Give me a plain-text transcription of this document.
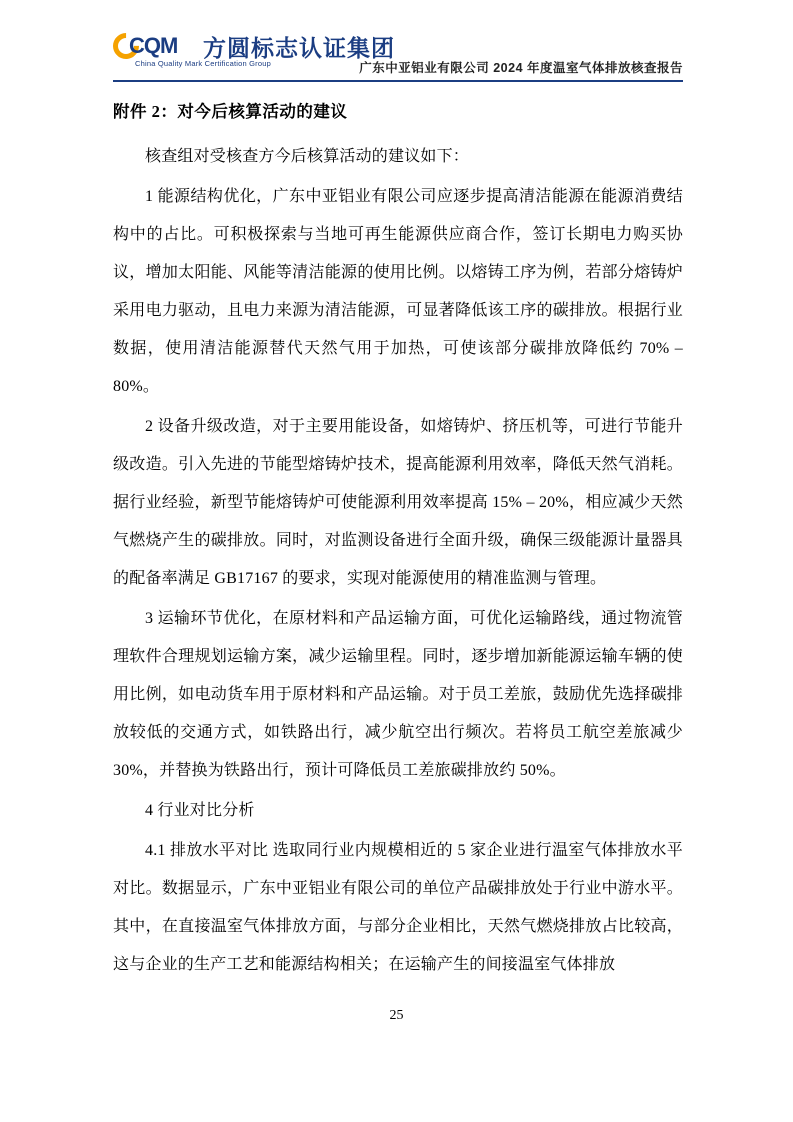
CQM 方圆标志认证集团
China Quality Mark Certification Group	广东中亚铝业有限公司 2024 年度温室气体排放核查报告
附件 2：对今后核算活动的建议

核查组对受核查方今后核算活动的建议如下：

1 能源结构优化，广东中亚铝业有限公司应逐步提高清洁能源在能源消费结构中的占比。可积极探索与当地可再生能源供应商合作，签订长期电力购买协议，增加太阳能、风能等清洁能源的使用比例。以熔铸工序为例，若部分熔铸炉采用电力驱动，且电力来源为清洁能源，可显著降低该工序的碳排放。根据行业数据，使用清洁能源替代天然气用于加热，可使该部分碳排放降低约 70% – 80%。

2 设备升级改造，对于主要用能设备，如熔铸炉、挤压机等，可进行节能升级改造。引入先进的节能型熔铸炉技术，提高能源利用效率，降低天然气消耗。据行业经验，新型节能熔铸炉可使能源利用效率提高 15% – 20%，相应减少天然气燃烧产生的碳排放。同时，对监测设备进行全面升级，确保三级能源计量器具的配备率满足 GB17167 的要求，实现对能源使用的精准监测与管理。

3 运输环节优化，在原材料和产品运输方面，可优化运输路线，通过物流管理软件合理规划运输方案，减少运输里程。同时，逐步增加新能源运输车辆的使用比例，如电动货车用于原材料和产品运输。对于员工差旅，鼓励优先选择碳排放较低的交通方式，如铁路出行，减少航空出行频次。若将员工航空差旅减少 30%，并替换为铁路出行，预计可降低员工差旅碳排放约 50%。

4 行业对比分析

4.1 排放水平对比 选取同行业内规模相近的 5 家企业进行温室气体排放水平对比。数据显示，广东中亚铝业有限公司的单位产品碳排放处于行业中游水平。其中，在直接温室气体排放方面，与部分企业相比，天然气燃烧排放占比较高，这与企业的生产工艺和能源结构相关；在运输产生的间接温室气体排放

25
